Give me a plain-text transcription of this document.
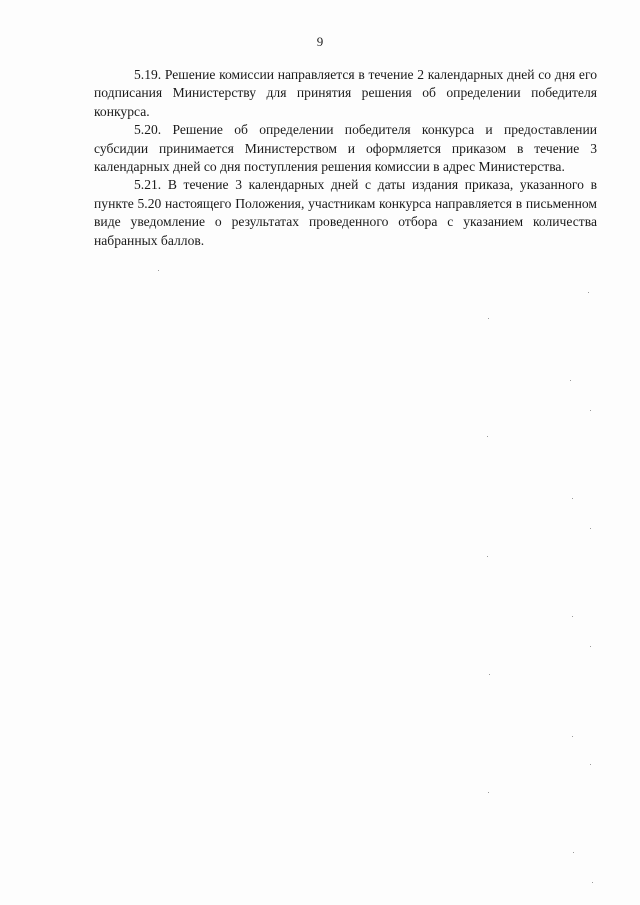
9

5.19. Решение комиссии направляется в течение 2 календарных дней со дня его подписания Министерству для принятия решения об определении победителя конкурса.

5.20. Решение об определении победителя конкурса и предоставлении субсидии принимается Министерством и оформляется приказом в течение 3 календарных дней со дня поступления решения комиссии в адрес Министерства.

5.21. В течение 3 календарных дней с даты издания приказа, указанного в пункте 5.20 настоящего Положения, участникам конкурса направляется в письменном виде уведомление о результатах проведенного отбора с указанием количества набранных баллов.
